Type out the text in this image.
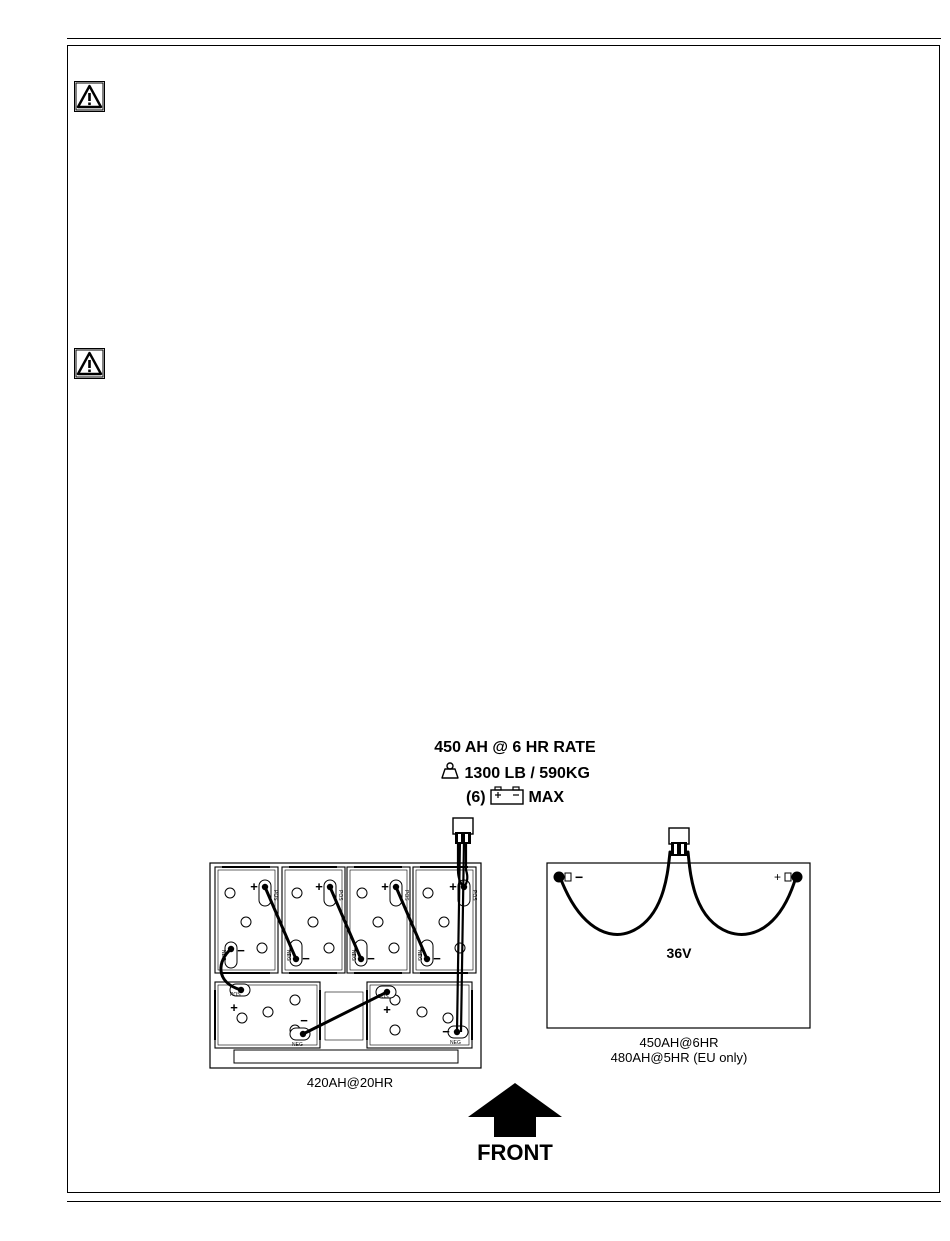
450 AH @ 6 HR RATE
1300 LB / 590KG
(6)	MAX
+
−
+
−
+
−
+
−
+
−
+
−
POS	POS	POS	POS
NEG	NEG	NEG
NEG
POS
NEG
POS
NEG
420AH@20HR
−	+
36V
450AH@6HR
480AH@5HR (EU only)
FRONT
